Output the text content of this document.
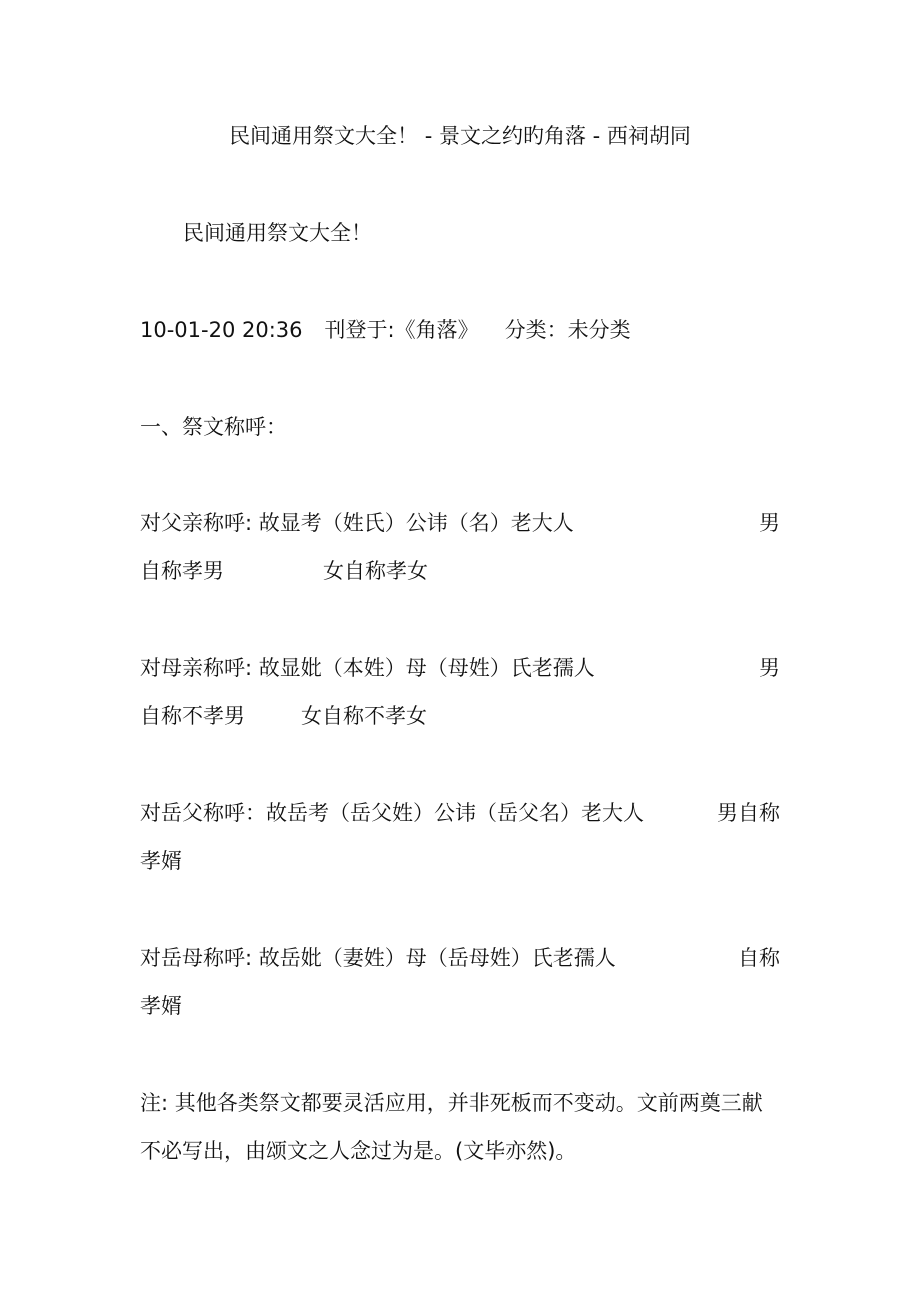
民间通用祭文大全！ - 景文之约旳角落 - 西祠胡同
民间通用祭文大全！
10-01-20 20:36 刊登于:《角落》 分类：未分类
一、祭文称呼：
对父亲称呼: 故显考（姓氏）公讳（名）老大人	男
自称孝男	女自称孝女
对母亲称呼: 故显妣（本姓）母（母姓）氏老孺人	男
自称不孝男	女自称不孝女
对岳父称呼：故岳考（岳父姓）公讳（岳父名）老大人	男自称
孝婿
对岳母称呼: 故岳妣（妻姓）母（岳母姓）氏老孺人	自称
孝婿
注: 其他各类祭文都要灵活应用，并非死板而不变动。文前两奠三献
不必写出，由颂文之人念过为是。(文毕亦然)。
